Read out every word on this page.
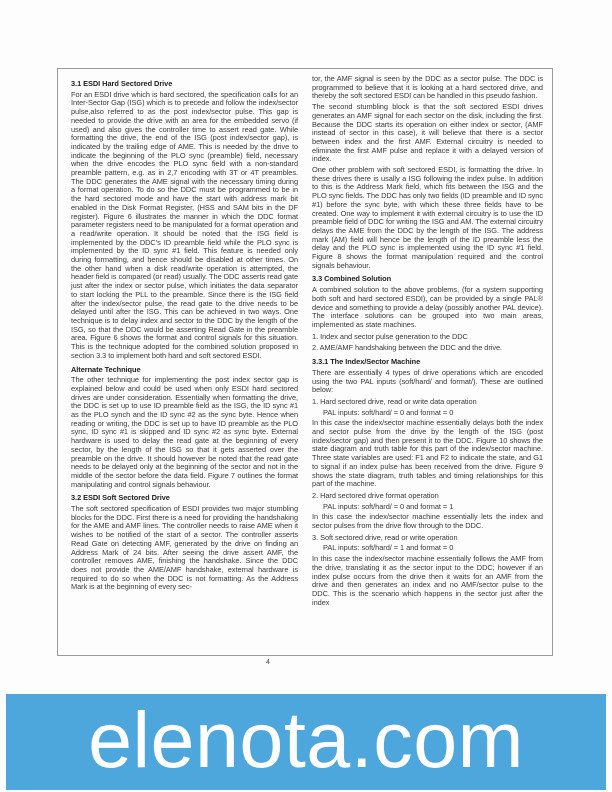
3.1 ESDI Hard Sectored Drive
For an ESDI drive which is hard sectored, the specification calls for an Inter-Sector Gap (ISG) which is to precede and follow the index/sector pulse,also referred to as the post index/sector pulse. This gap is needed to provide the drive with an area for the embedded servo (if used) and also gives the controller time to assert read gate. While formatting the drive, the end of the ISG (post index/sector gap), is indicated by the trailing edge of AME. This is needed by the drive to indicate the beginning of the PLO sync (preamble) field, necessary when the drive encodes the PLO sync field with a non-standard preamble pattern, e.g. as in 2,7 encoding with 3T or 4T preambles. The DDC generates the AME signal with the necessary timing during a format operation. To do so the DDC must be programmed to be in the hard sectored mode and have the start with address mark bit enabled in the Disk Format Register, (HSS and SAM bits in the DF register). Figure 6 illustrates the manner in which the DDC format parameter registers need to be manipulated for a format operation and a read/write operation. It should be noted that the ISG field is implemented by the DDC's ID preamble field while the PLO sync is implemented by the ID sync #1 field. This feature is needed only during formatting, and hence should be disabled at other times. On the other hand when a disk read/write operation is attempted, the header field is compared (or read) usually. The DDC asserts read gate just after the index or sector pulse, which initiates the data separator to start locking the PLL to the preamble. Since there is the ISG field after the index/sector pulse, the read gate to the drive needs to be delayed until after the ISG. This can be achieved in two ways. One technique is to delay index and sector to the DDC by the length of the ISG, so that the DDC would be asserting Read Gate in the preamble area. Figure 6 shows the format and control signals for this situation. This is the technique adopted for the combined solution proposed in section 3.3 to implement both hard and soft sectored ESDI.
Alternate Technique
The other technique for implementing the post index sector gap is explained below and could be used when only ESDI hard sectored drives are under consideration. Essentially when formatting the drive, the DDC is set up to use ID preamble field as the ISG, the ID sync #1 as the PLO synch and the ID sync #2 as the sync byte. Hence when reading or writing, the DDC is set up to have ID preamble as the PLO sync, ID sync #1 is skipped and ID sync #2 as sync byte. External hardware is used to delay the read gate at the beginning of every sector, by the length of the ISG so that it gets asserted over the preamble on the drive. It should however be noted that the read gate needs to be delayed only at the beginning of the sector and not in the middle of the sector before the data field. Figure 7 outlines the format manipulating and control signals behaviour.
3.2 ESDI Soft Sectored Drive
The soft sectored specification of ESDI provides two major stumbling blocks for the DDC. First there is a need for providing the handshaking for the AME and AMF lines. The controller needs to raise AME when it wishes to be notified of the start of a sector. The controller asserts Read Gate on detecting AMF, generated by the drive on finding an Address Mark of 24 bits. After seeing the drive assert AMF, the controller removes AME, finishing the handshake. Since the DDC does not provide the AME/AMF handshake, external hardware is required to do so when the DDC is not formatting. As the Address Mark is at the beginning of every sec-
tor, the AMF signal is seen by the DDC as a sector pulse. The DDC is programmed to believe that it is looking at a hard sectored drive, and thereby the soft sectored ESDI can be handled in this pseudo fashion.
The second stumbling block is that the soft sectored ESDI drives generates an AMF signal for each sector on the disk, including the first. Because the DDC starts its operation on either index or sector, (AMF instead of sector in this case), it will believe that there is a sector between index and the first AMF. External circuitry is needed to eliminate the first AMF pulse and replace it with a delayed version of index.
One other problem with soft sectored ESDI, is formatting the drive. In these drives there is usally a ISG following the index pulse. In addition to this is the Address Mark field, which fits between the ISG and the PLO sync fields. The DDC has only two fields (ID preamble and ID sync #1) before the sync byte, with which these three fields have to be created. One way to implement it with external circuitry is to use the ID preamble field of DDC for writing the ISG and AM. The external circuitry delays the AME from the DDC by the length of the ISG. The address mark (AM) field will hence be the length of the ID preamble less the delay and the PLO sync is implemented using the ID sync #1 field. Figure 8 shows the format manipulation required and the control signals behaviour.
3.3 Combined Solution
A combined solution to the above problems, (for a system supporting both soft and hard sectored ESDI), can be provided by a single PAL® device and something to provide a delay (possibly another PAL device). The interface solutions can be grouped into two main areas, implemented as state machines.
1. Index and sector pulse generation to the DDC
2. AME/AMF handshaking between the DDC and the drive.
3.3.1 The Index/Sector Machine
There are essentially 4 types of drive operations which are encoded using the two PAL inputs (soft/hard/ and format/). These are outlined below:
1. Hard sectored drive, read or write data operation
PAL inputs: soft/hard/ = 0 and format = 0
In this case the index/sector machine essentially delays both the index and sector pulse from the drive by the length of the ISG (post index/sector gap) and then present it to the DDC. Figure 10 shows the state diagram and truth table for this part of the index/sector machine. Three state variables are used: F1 and F2 to indicate the state, and G1 to signal if an index pulse has been received from the drive. Figure 9 shows the state diagram, truth tables and timing relationships for this part of the machine.
2. Hard sectored drive format operation
PAL inputs: soft/hard/ = 0 and format = 1
In this case the index/sector machine essentially lets the index and sector pulses from the drive flow through to the DDC.
3. Soft sectored drive, read or write operation
PAL inputs: soft/hard/ = 1 and format = 0
In this case the index/sector machine essentially follows the AMF from the drive, translating it as the sector input to the DDC; however if an index pulse occurs from the drive then it waits for an AMF from the drive and then generates an index and no AMF/sector pulse to the DDC. This is the scenario which happens in the sector just after the index
4
elenota.com
